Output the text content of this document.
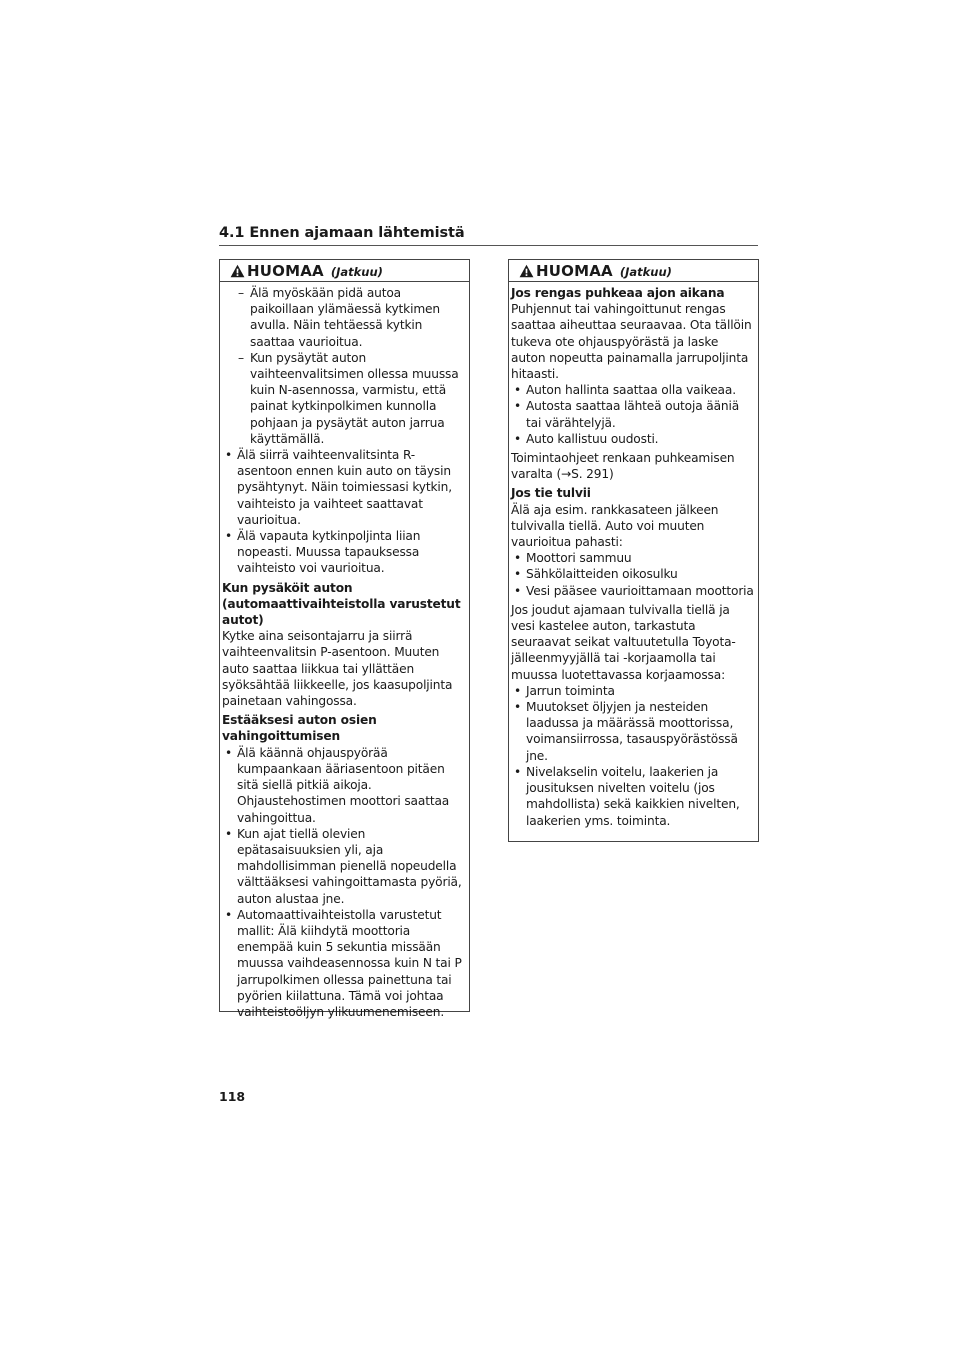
4.1 Ennen ajamaan lähtemistä
HUOMAA (Jatkuu)
– Älä myöskään pidä autoa paikoillaan ylämäessä kytkimen avulla. Näin tehtäessä kytkin saattaa vaurioitua.
– Kun pysäytät auton vaihteenvalitsimen ollessa muussa kuin N-asennossa, varmistu, että painat kytkinpolkimen kunnolla pohjaan ja pysäytät auton jarrua käyttämällä.
• Älä siirrä vaihteenvalitsinta R-asentoon ennen kuin auto on täysin pysähtynyt. Näin toimiessasi kytkin, vaihteisto ja vaihteet saattavat vaurioitua.
• Älä vapauta kytkinpoljinta liian nopeasti. Muussa tapauksessa vaihteisto voi vaurioitua.
Kun pysäköit auton (automaattivaihteistolla varustetut autot)
Kytke aina seisontajarru ja siirrä vaihteenvalitsin P-asentoon. Muuten auto saattaa liikkua tai yllättäen syöksähtää liikkeelle, jos kaasupoljinta painetaan vahingossa.
Estääksesi auton osien vahingoittumisen
• Älä käännä ohjauspyörää kumpaankaan ääriasentoon pitäen sitä siellä pitkiä aikoja. Ohjaustehostimen moottori saattaa vahingoittua.
• Kun ajat tiellä olevien epätasaisuuksien yli, aja mahdollisimman pienellä nopeudella välttääksesi vahingoittamasta pyöriä, auton alustaa jne.
• Automaattivaihteistolla varustetut mallit: Älä kiihdytä moottoria enempää kuin 5 sekuntia missään muussa vaihdeasennossa kuin N tai P jarrupolkimen ollessa painettuna tai pyörien kiilattuna. Tämä voi johtaa vaihteistoöljyn ylikuumenemiseen.
HUOMAA (Jatkuu)
Jos rengas puhkeaa ajon aikana
Puhjennut tai vahingoittunut rengas saattaa aiheuttaa seuraavaa. Ota tällöin tukeva ote ohjauspyörästä ja laske auton nopeutta painamalla jarrupoljinta hitaasti.
• Auton hallinta saattaa olla vaikeaa.
• Autosta saattaa lähteä outoja ääniä tai värähtelyjä.
• Auto kallistuu oudosti.
Toimintaohjeet renkaan puhkeamisen varalta (→S. 291)
Jos tie tulvii
Älä aja esim. rankkasateen jälkeen tulvivalla tiellä. Auto voi muuten vaurioitua pahasti:
• Moottori sammuu
• Sähkölaitteiden oikosulku
• Vesi pääsee vaurioittamaan moottoria
Jos joudut ajamaan tulvivalla tiellä ja vesi kastelee auton, tarkastuta seuraavat seikat valtuutetulla Toyota-jälleenmyyjällä tai -korjaamolla tai muussa luotettavassa korjaamossa:
• Jarrun toiminta
• Muutokset öljyjen ja nesteiden laadussa ja määrässä moottorissa, voimansiirrossa, tasauspyörästössä jne.
• Nivelakselin voitelu, laakerien ja jousituksen nivelten voitelu (jos mahdollista) sekä kaikkien nivelten, laakerien yms. toiminta.
118
